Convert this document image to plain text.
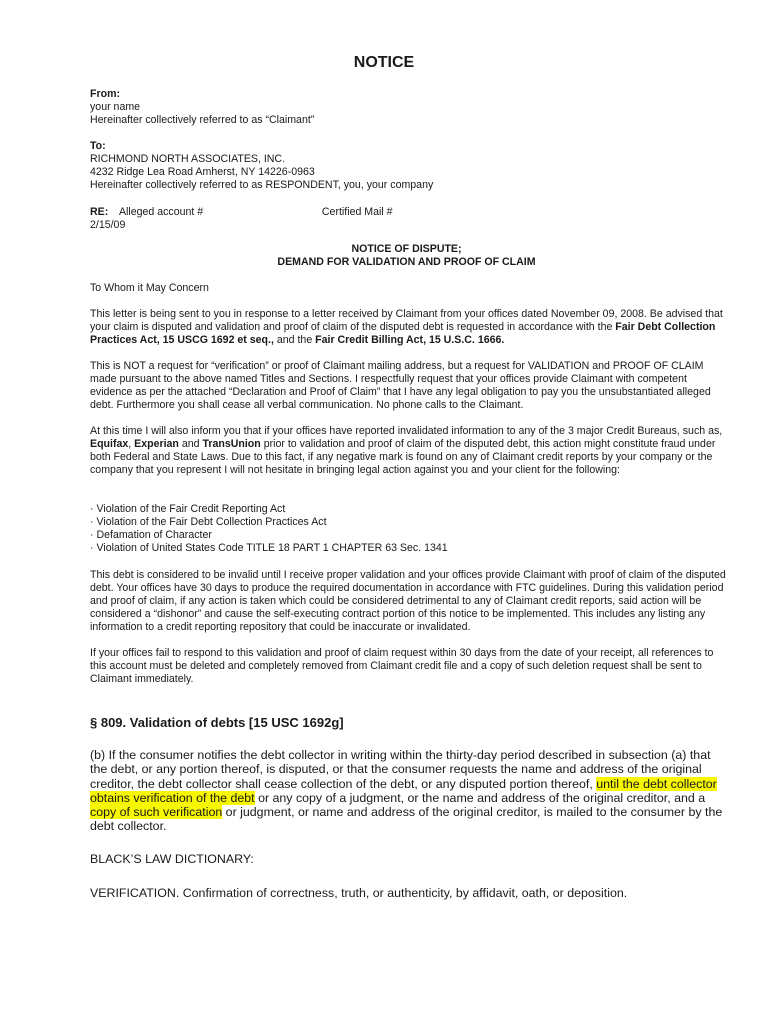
NOTICE
From:
your name
Hereinafter collectively referred to as “Claimant”
To:
RICHMOND NORTH ASSOCIATES, INC.
4232 Ridge Lea Road Amherst, NY 14226-0963
Hereinafter collectively referred to as RESPONDENT, you, your company
RE: Alleged account #	Certified Mail #
2/15/09
NOTICE OF DISPUTE;
DEMAND FOR VALIDATION AND PROOF OF CLAIM
To Whom it May Concern
This letter is being sent to you in response to a letter received by Claimant from your offices dated November 09, 2008. Be advised that your claim is disputed and validation and proof of claim of the disputed debt is requested in accordance with the Fair Debt Collection Practices Act, 15 USCG 1692 et seq., and the Fair Credit Billing Act, 15 U.S.C. 1666.
This is NOT a request for “verification” or proof of Claimant mailing address, but a request for VALIDATION and PROOF OF CLAIM made pursuant to the above named Titles and Sections. I respectfully request that your offices provide Claimant with competent evidence as per the attached “Declaration and Proof of Claim” that I have any legal obligation to pay you the unsubstantiated alleged debt. Furthermore you shall cease all verbal communication. No phone calls to the Claimant.
At this time I will also inform you that if your offices have reported invalidated information to any of the 3 major Credit Bureaus, such as, Equifax, Experian and TransUnion prior to validation and proof of claim of the disputed debt, this action might constitute fraud under both Federal and State Laws. Due to this fact, if any negative mark is found on any of Claimant credit reports by your company or the company that you represent I will not hesitate in bringing legal action against you and your client for the following:
· Violation of the Fair Credit Reporting Act
· Violation of the Fair Debt Collection Practices Act
· Defamation of Character
· Violation of United States Code TITLE 18 PART 1 CHAPTER 63 Sec. 1341
This debt is considered to be invalid until I receive proper validation and your offices provide Claimant with proof of claim of the disputed debt. Your offices have 30 days to produce the required documentation in accordance with FTC guidelines. During this validation period and proof of claim, if any action is taken which could be considered detrimental to any of Claimant credit reports, said action will be considered a “dishonor” and cause the self-executing contract portion of this notice to be implemented. This includes any listing any information to a credit reporting repository that could be inaccurate or invalidated.
If your offices fail to respond to this validation and proof of claim request within 30 days from the date of your receipt, all references to this account must be deleted and completely removed from Claimant credit file and a copy of such deletion request shall be sent to Claimant immediately.
§ 809. Validation of debts [15 USC 1692g]
(b) If the consumer notifies the debt collector in writing within the thirty-day period described in subsection (a) that the debt, or any portion thereof, is disputed, or that the consumer requests the name and address of the original creditor, the debt collector shall cease collection of the debt, or any disputed portion thereof, until the debt collector obtains verification of the debt or any copy of a judgment, or the name and address of the original creditor, and a copy of such verification or judgment, or name and address of the original creditor, is mailed to the consumer by the debt collector.
BLACK’S LAW DICTIONARY:
VERIFICATION. Confirmation of correctness, truth, or authenticity, by affidavit, oath, or deposition.
